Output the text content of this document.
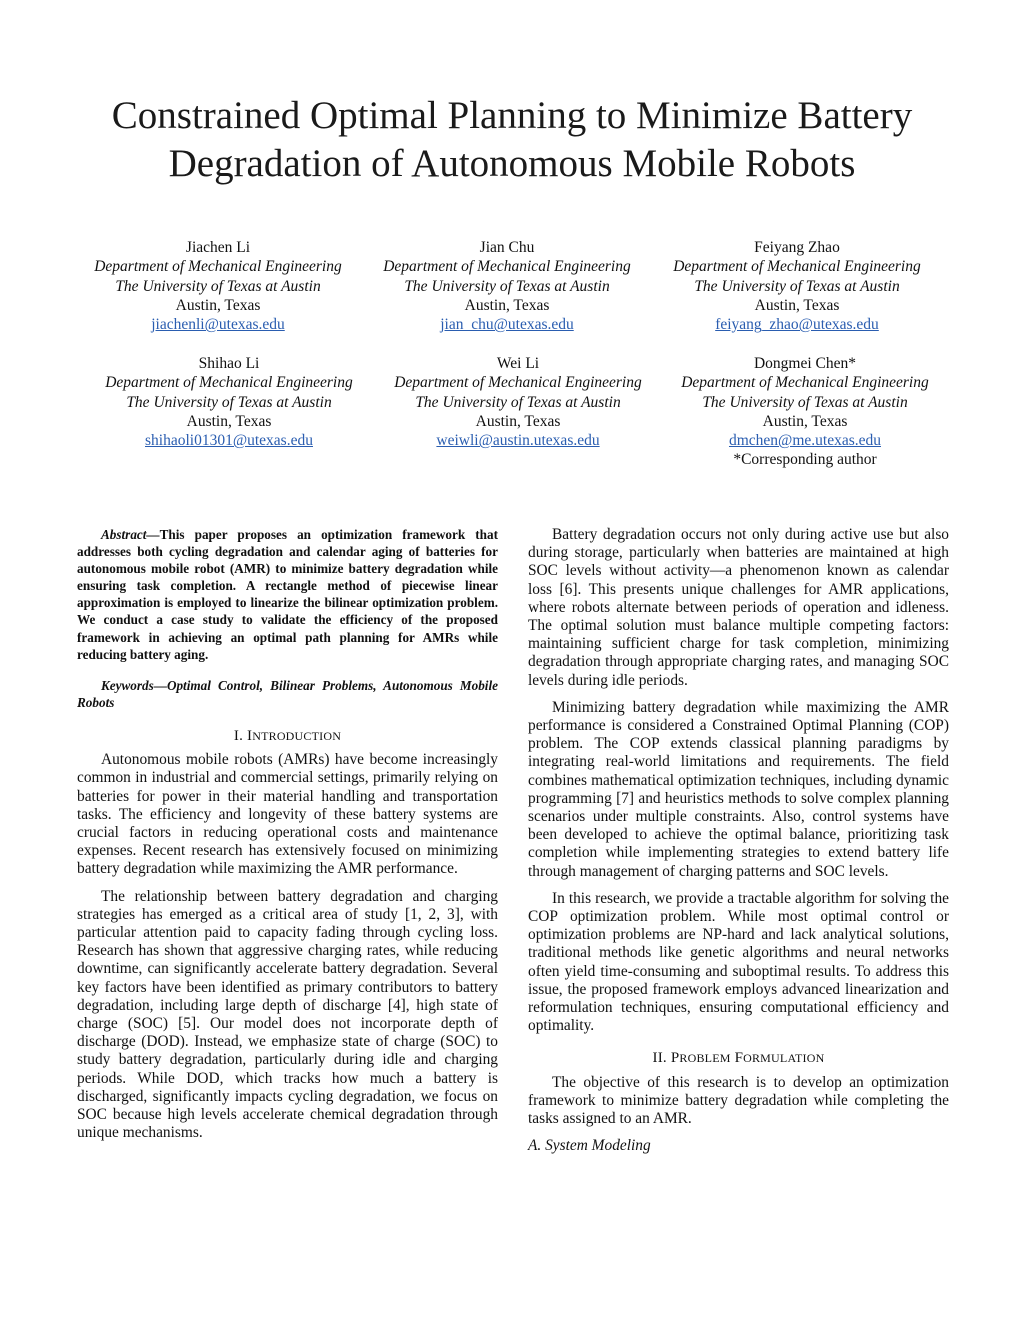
Constrained Optimal Planning to Minimize Battery
Degradation of Autonomous Mobile Robots
Jiachen Li
Department of Mechanical Engineering
The University of Texas at Austin
Austin, Texas
jiachenli@utexas.edu
Jian Chu
Department of Mechanical Engineering
The University of Texas at Austin
Austin, Texas
jian_chu@utexas.edu
Feiyang Zhao
Department of Mechanical Engineering
The University of Texas at Austin
Austin, Texas
feiyang_zhao@utexas.edu
Shihao Li
Department of Mechanical Engineering
The University of Texas at Austin
Austin, Texas
shihaoli01301@utexas.edu
Wei Li
Department of Mechanical Engineering
The University of Texas at Austin
Austin, Texas
weiwli@austin.utexas.edu
Dongmei Chen*
Department of Mechanical Engineering
The University of Texas at Austin
Austin, Texas
dmchen@me.utexas.edu
*Corresponding author

Abstract—This paper proposes an optimization framework that addresses both cycling degradation and calendar aging of batteries for autonomous mobile robot (AMR) to minimize battery degradation while ensuring task completion. A rectangle method of piecewise linear approximation is employed to linearize the bilinear optimization problem. We conduct a case study to validate the efficiency of the proposed framework in achieving an optimal path planning for AMRs while reducing battery aging.

Keywords—Optimal Control, Bilinear Problems, Autonomous Mobile Robots

I. INTRODUCTION

Autonomous mobile robots (AMRs) have become increasingly common in industrial and commercial settings, primarily relying on batteries for power in their material handling and transportation tasks. The efficiency and longevity of these battery systems are crucial factors in reducing operational costs and maintenance expenses. Recent research has extensively focused on minimizing battery degradation while maximizing the AMR performance.

The relationship between battery degradation and charging strategies has emerged as a critical area of study [1, 2, 3], with particular attention paid to capacity fading through cycling loss. Research has shown that aggressive charging rates, while reducing downtime, can significantly accelerate battery degradation. Several key factors have been identified as primary contributors to battery degradation, including large depth of discharge [4], high state of charge (SOC) [5]. Our model does not incorporate depth of discharge (DOD). Instead, we emphasize state of charge (SOC) to study battery degradation, particularly during idle and charging periods. While DOD, which tracks how much a battery is discharged, significantly impacts cycling degradation, we focus on SOC because high levels accelerate chemical degradation through unique mechanisms.

Battery degradation occurs not only during active use but also during storage, particularly when batteries are maintained at high SOC levels without activity—a phenomenon known as calendar loss [6]. This presents unique challenges for AMR applications, where robots alternate between periods of operation and idleness. The optimal solution must balance multiple competing factors: maintaining sufficient charge for task completion, minimizing degradation through appropriate charging rates, and managing SOC levels during idle periods.

Minimizing battery degradation while maximizing the AMR performance is considered a Constrained Optimal Planning (COP) problem. The COP extends classical planning paradigms by integrating real-world limitations and requirements. The field combines mathematical optimization techniques, including dynamic programming [7] and heuristics methods to solve complex planning scenarios under multiple constraints. Also, control systems have been developed to achieve the optimal balance, prioritizing task completion while implementing strategies to extend battery life through management of charging patterns and SOC levels.

In this research, we provide a tractable algorithm for solving the COP optimization problem. While most optimal control or optimization problems are NP-hard and lack analytical solutions, traditional methods like genetic algorithms and neural networks often yield time-consuming and suboptimal results. To address this issue, the proposed framework employs advanced linearization and reformulation techniques, ensuring computational efficiency and optimality.

II. PROBLEM FORMULATION

The objective of this research is to develop an optimization framework to minimize battery degradation while completing the tasks assigned to an AMR.

A. System Modeling
